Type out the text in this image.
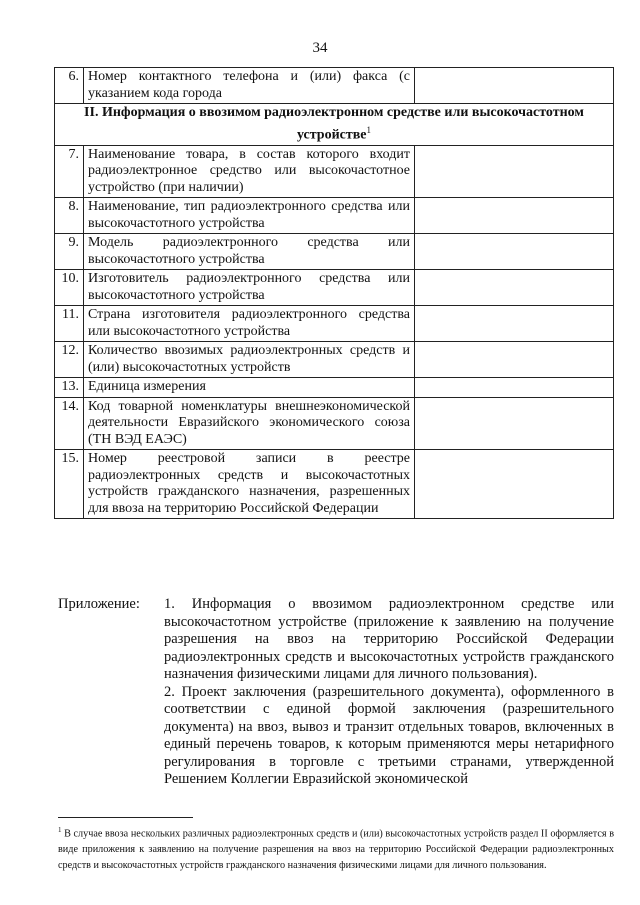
34
6.	Номер контактного телефона и (или) факса (с указанием кода города	
II. Информация о ввозимом радиоэлектронном средстве или высокочастотном устройстве$^1$
7.	Наименование товара, в состав которого входит радиоэлектронное средство или высокочастотное устройство (при наличии)	
8.	Наименование, тип радиоэлектронного средства или высокочастотного устройства	
9.	Модель радиоэлектронного средства или высокочастотного устройства	
10.	Изготовитель радиоэлектронного средства или высокочастотного устройства	
11.	Страна изготовителя радиоэлектронного средства или высокочастотного устройства	
12.	Количество ввозимых радиоэлектронных средств и (или) высокочастотных устройств	
13.	Единица измерения	
14.	Код товарной номенклатуры внешнеэкономической деятельности Евразийского экономического союза (ТН ВЭД ЕАЭС)	
15.	Номер реестровой записи в реестре радиоэлектронных средств и высокочастотных устройств гражданского назначения, разрешенных для ввоза на территорию Российской Федерации	
Приложение: 1. Информация о ввозимом радиоэлектронном средстве или высокочастотном устройстве (приложение к заявлению на получение разрешения на ввоз на территорию Российской Федерации радиоэлектронных средств и высокочастотных устройств гражданского назначения физическими лицами для личного пользования).

2. Проект заключения (разрешительного документа), оформленного в соответствии с единой формой заключения (разрешительного документа) на ввоз, вывоз и транзит отдельных товаров, включенных в единый перечень товаров, к которым применяются меры нетарифного регулирования в торговле с третьими странами, утвержденной Решением Коллегии Евразийской экономической

$^1$ В случае ввоза нескольких различных радиоэлектронных средств и (или) высокочастотных устройств раздел II оформляется в виде приложения к заявлению на получение разрешения на ввоз на территорию Российской Федерации радиоэлектронных средств и высокочастотных устройств гражданского назначения физическими лицами для личного пользования.
